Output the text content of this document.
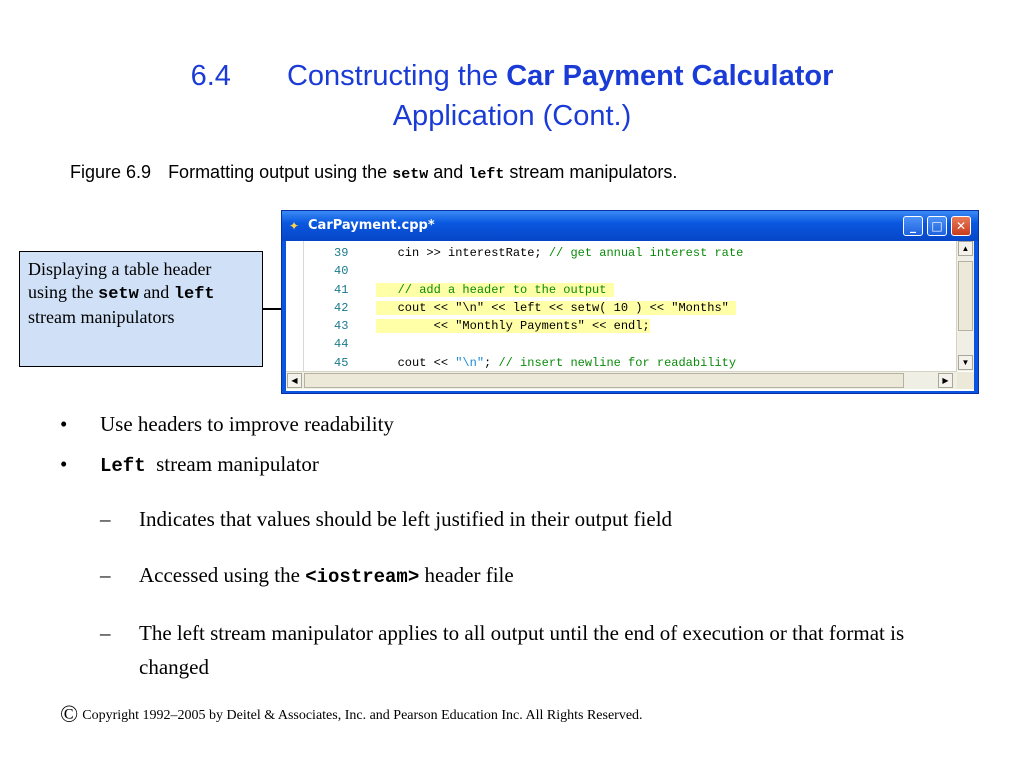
6.4 Constructing the Car Payment Calculator
Application (Cont.)
Figure 6.9 Formatting output using the setw and left stream manipulators.
Displaying a table header using the setw and left stream manipulators
✦ CarPayment.cpp*	_	□	✕
39	cin >> interestRate; // get annual interest rate
40
41	// add a header to the output
42	cout << "\n" << left << setw( 10 ) << "Months"
43	<< "Monthly Payments" << endl;
44
45	cout << "\n"; // insert newline for readability
▲
▼
◀	▶
• Use headers to improve readability
• Left stream manipulator
– Indicates that values should be left justified in their output field
– Accessed using the <iostream> header file
– The left stream manipulator applies to all output until the end of execution or that format is changed
© Copyright 1992–2005 by Deitel & Associates, Inc. and Pearson Education Inc. All Rights Reserved.
